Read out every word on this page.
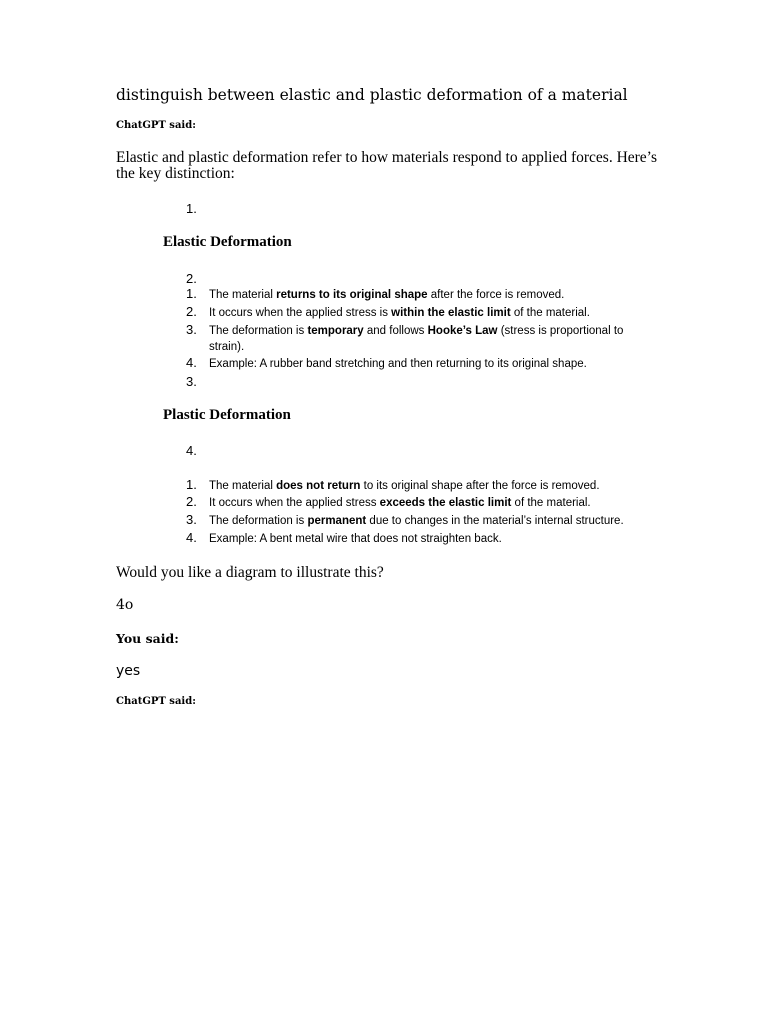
distinguish between elastic and plastic deformation of a material
ChatGPT said:
Elastic and plastic deformation refer to how materials respond to applied forces. Here’s the key distinction:
1.
Elastic Deformation
2.
1. The material returns to its original shape after the force is removed.
2. It occurs when the applied stress is within the elastic limit of the material.
3. The deformation is temporary and follows Hooke’s Law (stress is proportional to strain).
4. Example: A rubber band stretching and then returning to its original shape.
3.
Plastic Deformation
4.
1. The material does not return to its original shape after the force is removed.
2. It occurs when the applied stress exceeds the elastic limit of the material.
3. The deformation is permanent due to changes in the material’s internal structure.
4. Example: A bent metal wire that does not straighten back.
Would you like a diagram to illustrate this?
4o
You said:
yes
ChatGPT said:
